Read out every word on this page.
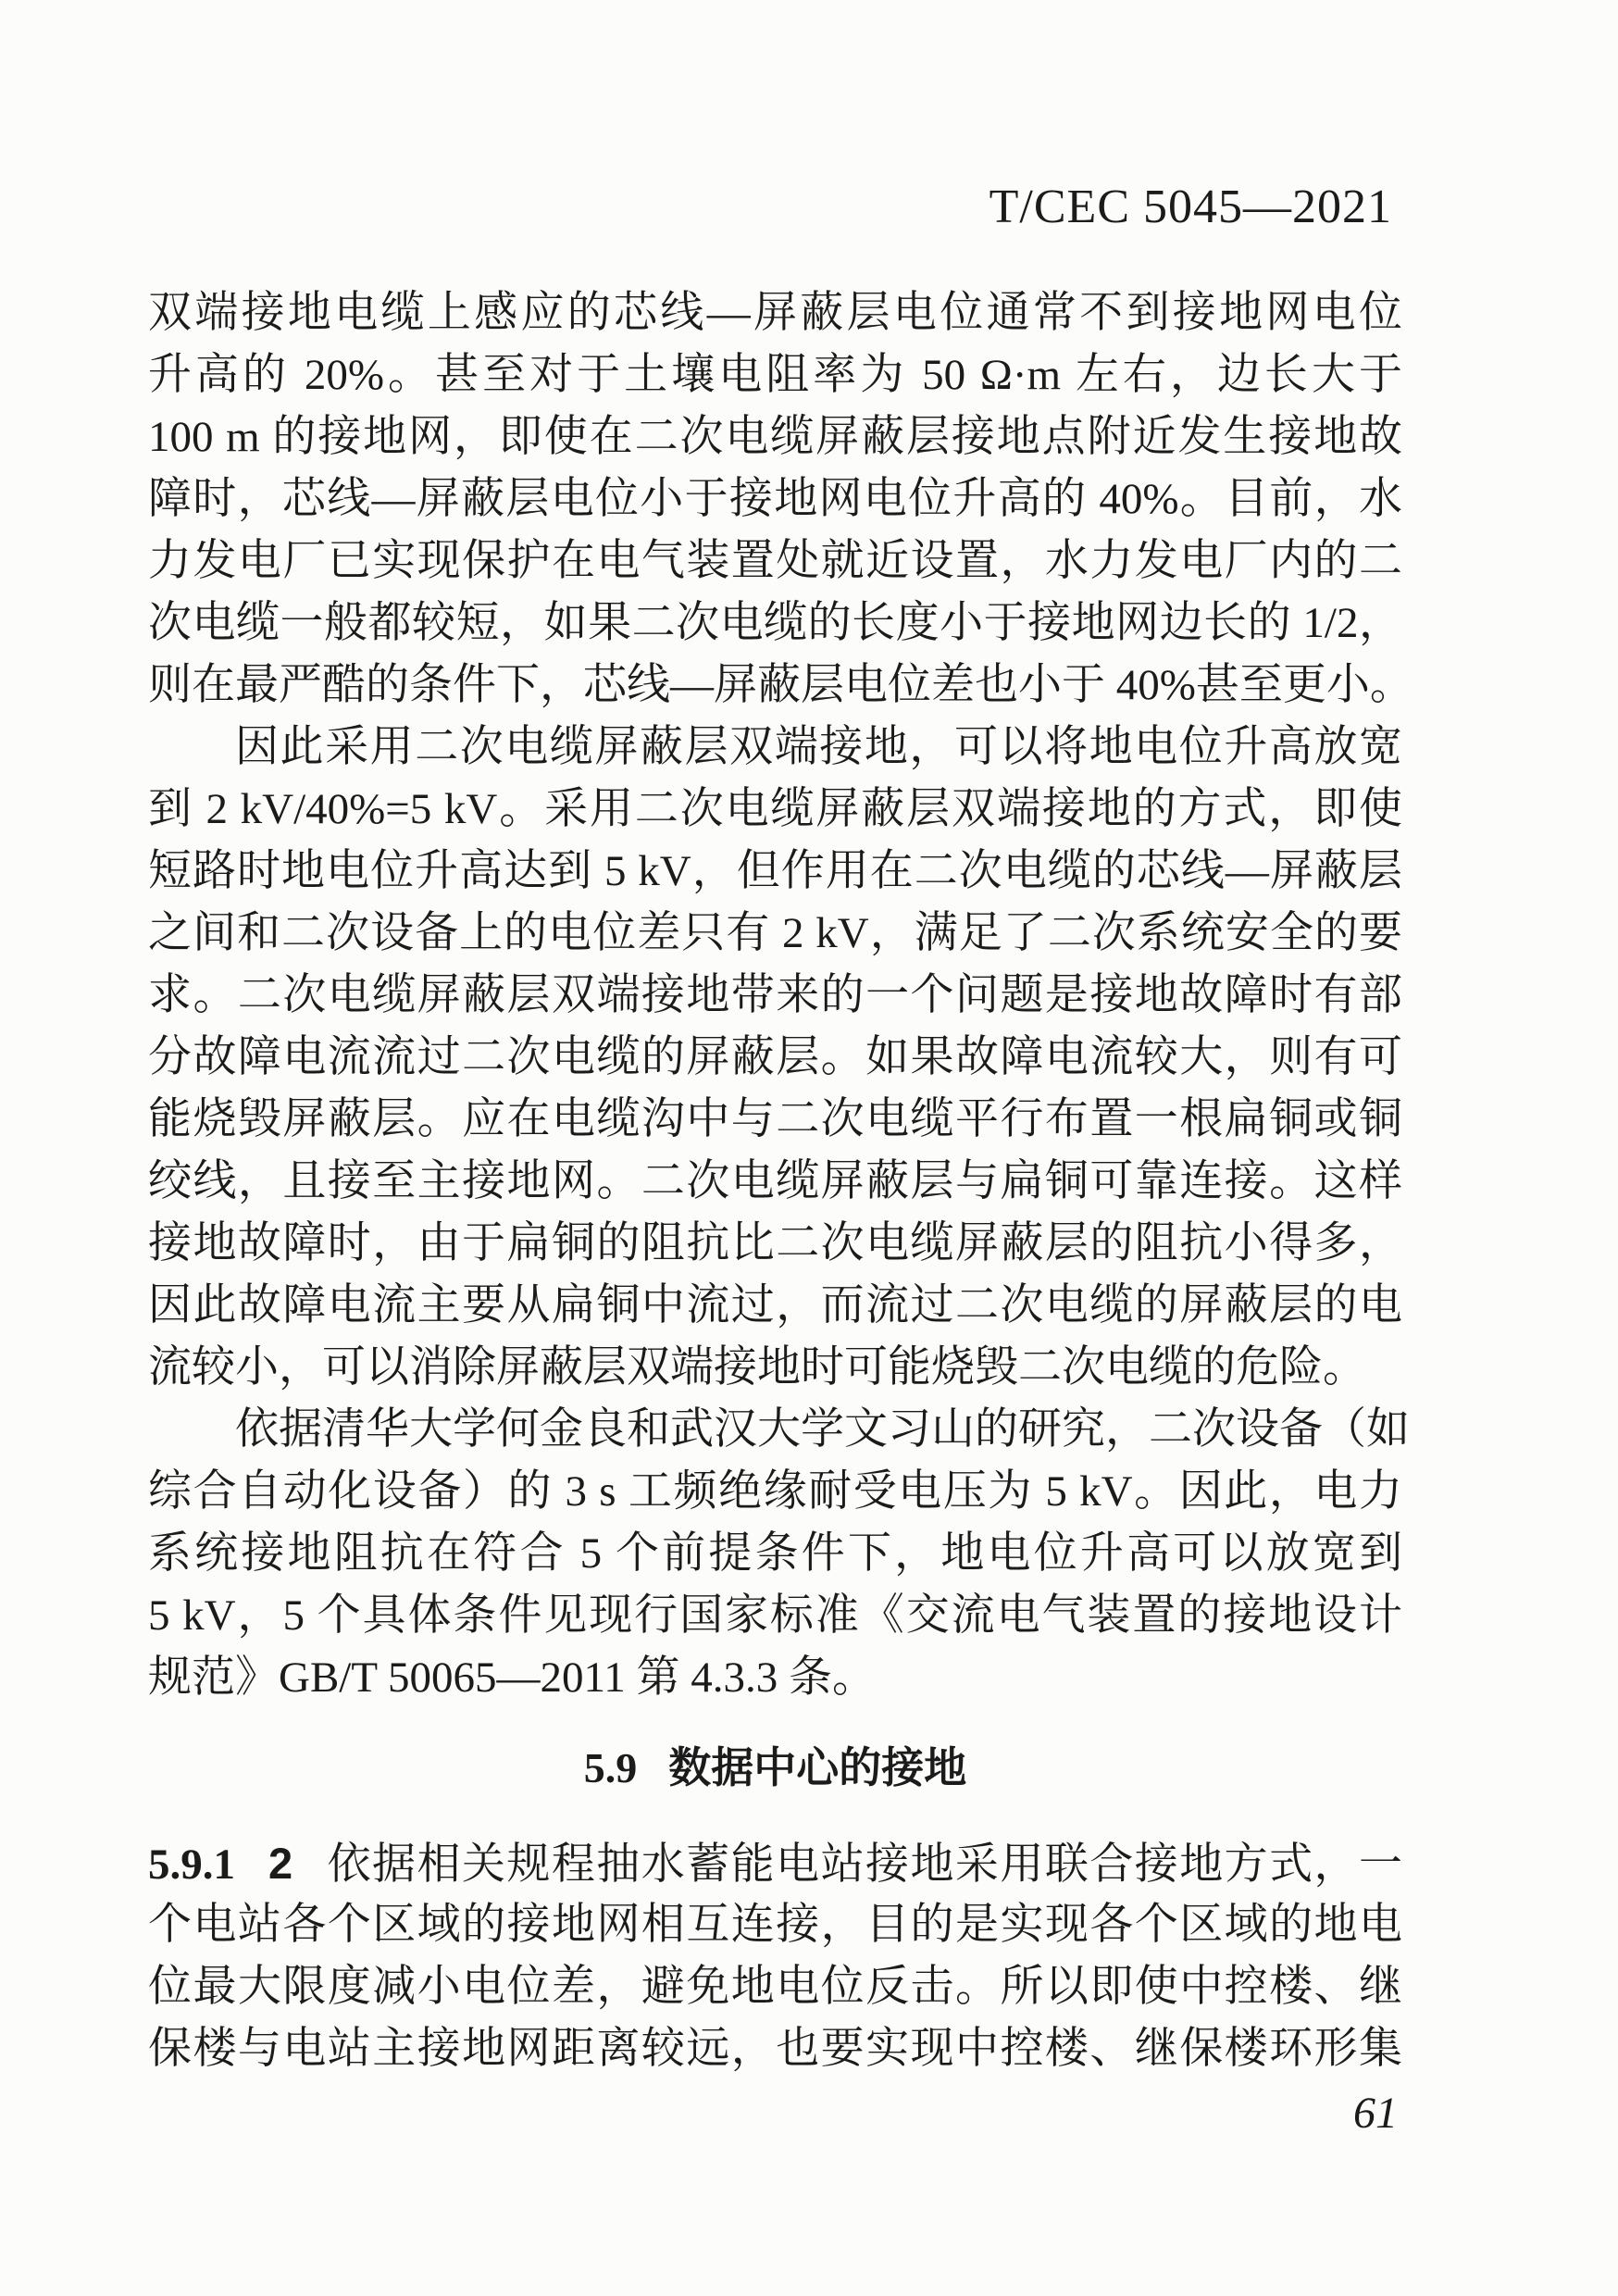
T/CEC 5045—2021
双端接地电缆上感应的芯线—屏蔽层电位通常不到接地网电位
升高的 20%。甚至对于土壤电阻率为 50 Ω·m 左右，边长大于
100 m 的接地网，即使在二次电缆屏蔽层接地点附近发生接地故
障时，芯线—屏蔽层电位小于接地网电位升高的 40%。目前，水
力发电厂已实现保护在电气装置处就近设置，水力发电厂内的二
次电缆一般都较短，如果二次电缆的长度小于接地网边长的 1/2，
则在最严酷的条件下，芯线—屏蔽层电位差也小于 40%甚至更小。
因此采用二次电缆屏蔽层双端接地，可以将地电位升高放宽
到 2 kV/40%=5 kV。采用二次电缆屏蔽层双端接地的方式，即使
短路时地电位升高达到 5 kV，但作用在二次电缆的芯线—屏蔽层
之间和二次设备上的电位差只有 2 kV，满足了二次系统安全的要
求。二次电缆屏蔽层双端接地带来的一个问题是接地故障时有部
分故障电流流过二次电缆的屏蔽层。如果故障电流较大，则有可
能烧毁屏蔽层。应在电缆沟中与二次电缆平行布置一根扁铜或铜
绞线，且接至主接地网。二次电缆屏蔽层与扁铜可靠连接。这样
接地故障时，由于扁铜的阻抗比二次电缆屏蔽层的阻抗小得多，
因此故障电流主要从扁铜中流过，而流过二次电缆的屏蔽层的电
流较小，可以消除屏蔽层双端接地时可能烧毁二次电缆的危险。
依据清华大学何金良和武汉大学文习山的研究，二次设备（如
综合自动化设备）的 3 s 工频绝缘耐受电压为 5 kV。因此，电力
系统接地阻抗在符合 5 个前提条件下，地电位升高可以放宽到
5 kV，5 个具体条件见现行国家标准《交流电气装置的接地设计
规范》GB/T 50065—2011 第 4.3.3 条。
5.9 数据中心的接地
5.9.1 2 依据相关规程抽水蓄能电站接地采用联合接地方式，一
个电站各个区域的接地网相互连接，目的是实现各个区域的地电
位最大限度减小电位差，避免地电位反击。所以即使中控楼、继
保楼与电站主接地网距离较远，也要实现中控楼、继保楼环形集
61
